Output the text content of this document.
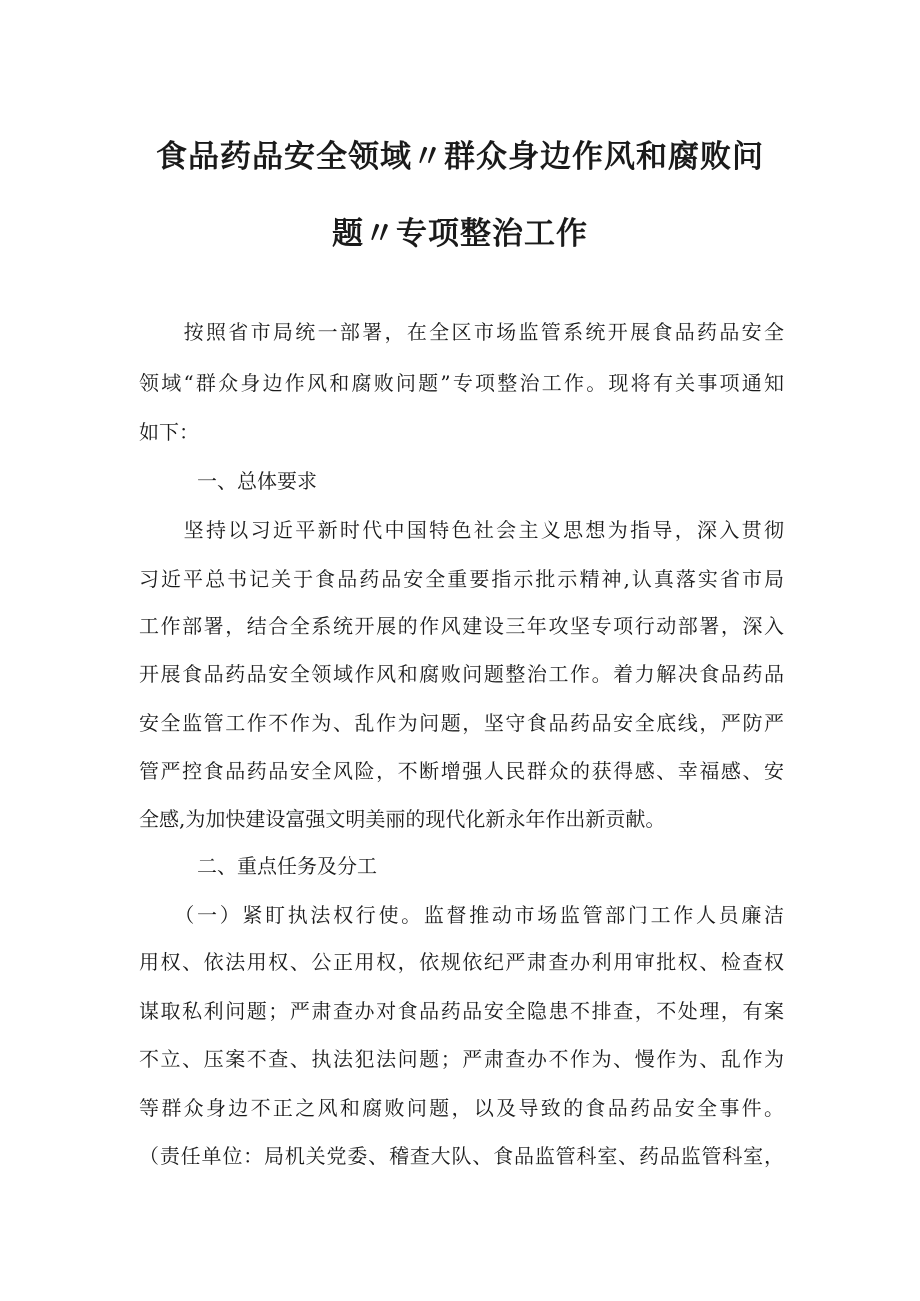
食品药品安全领域〃群众身边作风和腐败问
题〃专项整治工作
　　按照省市局统一部署，在全区市场监管系统开展食品药品安全
领域“群众身边作风和腐败问题”专项整治工作。现将有关事项通知
如下：
一、总体要求
　　坚持以习近平新时代中国特色社会主义思想为指导，深入贯彻
习近平总书记关于食品药品安全重要指示批示精神,认真落实省市局
工作部署，结合全系统开展的作风建设三年攻坚专项行动部署，深入
开展食品药品安全领域作风和腐败问题整治工作。着力解决食品药品
安全监管工作不作为、乱作为问题，坚守食品药品安全底线，严防严
管严控食品药品安全风险，不断增强人民群众的获得感、幸福感、安
全感,为加快建设富强文明美丽的现代化新永年作出新贡献。
二、重点任务及分工
　　（一）紧盯执法权行使。监督推动市场监管部门工作人员廉洁
用权、依法用权、公正用权，依规依纪严肃查办利用审批权、检查权
谋取私利问题；严肃查办对食品药品安全隐患不排查，不处理，有案
不立、压案不查、执法犯法问题；严肃查办不作为、慢作为、乱作为
等群众身边不正之风和腐败问题，以及导致的食品药品安全事件。
（责任单位：局机关党委、稽查大队、食品监管科室、药品监管科室，
